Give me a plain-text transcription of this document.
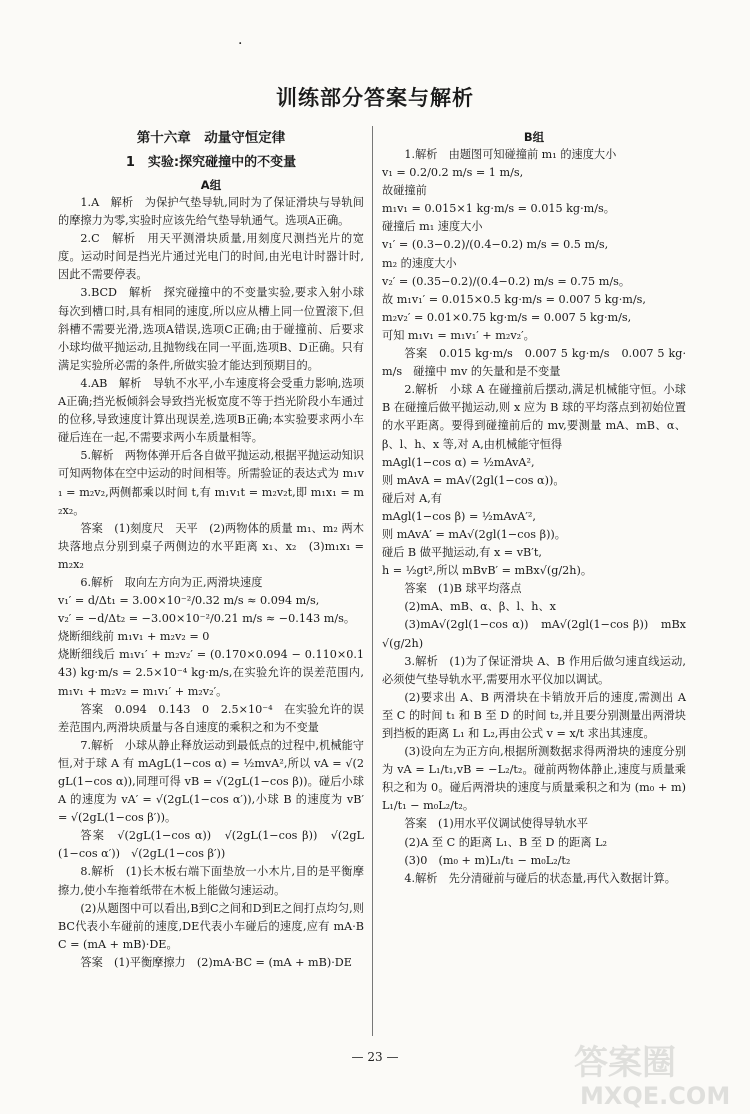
·
训练部分答案与解析
第十六章　动量守恒定律
1　实验:探究碰撞中的不变量
A组

1.A　解析　为保护气垫导轨,同时为了保证滑块与导轨间的摩擦力为零,实验时应该先给气垫导轨通气。选项A正确。

2.C　解析　用天平测滑块质量,用刻度尺测挡光片的宽度。运动时间是挡光片通过光电门的时间,由光电计时器计时,因此不需要停表。

3.BCD　解析　探究碰撞中的不变量实验,要求入射小球每次到槽口时,具有相同的速度,所以应从槽上同一位置滚下,但斜槽不需要光滑,选项A错误,选项C正确;由于碰撞前、后要求小球均做平抛运动,且抛物线在同一平面,选项B、D正确。只有满足实验所必需的条件,所做实验才能达到预期目的。

4.AB　解析　导轨不水平,小车速度将会受重力影响,选项A正确;挡光板倾斜会导致挡光板宽度不等于挡光阶段小车通过的位移,导致速度计算出现误差,选项B正确;本实验要求两小车碰后连在一起,不需要求两小车质量相等。

5.解析　两物体弹开后各自做平抛运动,根据平抛运动知识可知两物体在空中运动的时间相等。所需验证的表达式为 m₁v₁ = m₂v₂,两侧都乘以时间 t,有 m₁v₁t = m₂v₂t,即 m₁x₁ = m₂x₂。

答案　(1)刻度尺　天平　(2)两物体的质量 m₁、m₂ 两木块落地点分别到桌子两侧边的水平距离 x₁、x₂　(3)m₁x₁ = m₂x₂

6.解析　取向左方向为正,两滑块速度

v₁′ = d/Δt₁ = 3.00×10⁻²/0.32 m/s ≈ 0.094 m/s,

v₂′ = −d/Δt₂ = −3.00×10⁻²/0.21 m/s ≈ −0.143 m/s。

烧断细线前 m₁v₁ + m₂v₂ = 0

烧断细线后 m₁v₁′ + m₂v₂′ = (0.170×0.094 − 0.110×0.143) kg·m/s = 2.5×10⁻⁴ kg·m/s,在实验允许的误差范围内,m₁v₁ + m₂v₂ = m₁v₁′ + m₂v₂′。

答案　0.094　0.143　0　2.5×10⁻⁴　在实验允许的误差范围内,两滑块质量与各自速度的乘积之和为不变量

7.解析　小球从静止释放运动到最低点的过程中,机械能守恒,对于球 A 有 mAgL(1−cos α) = ½mvA²,所以 vA = √(2gL(1−cos α)),同理可得 vB = √(2gL(1−cos β))。碰后小球 A 的速度为 vA′ = √(2gL(1−cos α′)),小球 B 的速度为 vB′ = √(2gL(1−cos β′))。

答案　√(2gL(1−cos α))　√(2gL(1−cos β))　√(2gL(1−cos α′))　√(2gL(1−cos β′))

8.解析　(1)长木板右端下面垫放一小木片,目的是平衡摩擦力,使小车拖着纸带在木板上能做匀速运动。

(2)从题图中可以看出,B到C之间和D到E之间打点均匀,则BC代表小车碰前的速度,DE代表小车碰后的速度,应有 mA·BC = (mA + mB)·DE。

答案　(1)平衡摩擦力　(2)mA·BC = (mA + mB)·DE

B组

1.解析　由题图可知碰撞前 m₁ 的速度大小

v₁ = 0.2/0.2 m/s = 1 m/s,

故碰撞前

m₁v₁ = 0.015×1 kg·m/s = 0.015 kg·m/s。

碰撞后 m₁ 速度大小

v₁′ = (0.3−0.2)/(0.4−0.2) m/s = 0.5 m/s,

m₂ 的速度大小

v₂′ = (0.35−0.2)/(0.4−0.2) m/s = 0.75 m/s。

故 m₁v₁′ = 0.015×0.5 kg·m/s = 0.007 5 kg·m/s,

m₂v₂′ = 0.01×0.75 kg·m/s = 0.007 5 kg·m/s,

可知 m₁v₁ = m₁v₁′ + m₂v₂′。

答案　0.015 kg·m/s　0.007 5 kg·m/s　0.007 5 kg·m/s　碰撞中 mv 的矢量和是不变量

2.解析　小球 A 在碰撞前后摆动,满足机械能守恒。小球 B 在碰撞后做平抛运动,则 x 应为 B 球的平均落点到初始位置的水平距离。要得到碰撞前后的 mv,要测量 mA、mB、α、β、l、h、x 等,对 A,由机械能守恒得

mAgl(1−cos α) = ½mAvA²,

则 mAvA = mA√(2gl(1−cos α))。

碰后对 A,有

mAgl(1−cos β) = ½mAvA′²,

则 mAvA′ = mA√(2gl(1−cos β))。

碰后 B 做平抛运动,有 x = vB′t,

h = ½gt²,所以 mBvB′ = mBx√(g/2h)。

答案　(1)B 球平均落点

(2)mA、mB、α、β、l、h、x

(3)mA√(2gl(1−cos α))　mA√(2gl(1−cos β))　mBx√(g/2h)

3.解析　(1)为了保证滑块 A、B 作用后做匀速直线运动,必须使气垫导轨水平,需要用水平仪加以调试。

(2)要求出 A、B 两滑块在卡销放开后的速度,需测出 A 至 C 的时间 t₁ 和 B 至 D 的时间 t₂,并且要分别测量出两滑块到挡板的距离 L₁ 和 L₂,再由公式 v = x/t 求出其速度。

(3)设向左为正方向,根据所测数据求得两滑块的速度分别为 vA = L₁/t₁,vB = −L₂/t₂。碰前两物体静止,速度与质量乘积之和为 0。碰后两滑块的速度与质量乘积之和为 (m₀ + m)L₁/t₁ − m₀L₂/t₂。

答案　(1)用水平仪调试使得导轨水平

(2)A 至 C 的距离 L₁、B 至 D 的距离 L₂

(3)0　(m₀ + m)L₁/t₁ − m₀L₂/t₂

4.解析　先分清碰前与碰后的状态量,再代入数据计算。

— 23 —	答案圈
MXQE.COM
